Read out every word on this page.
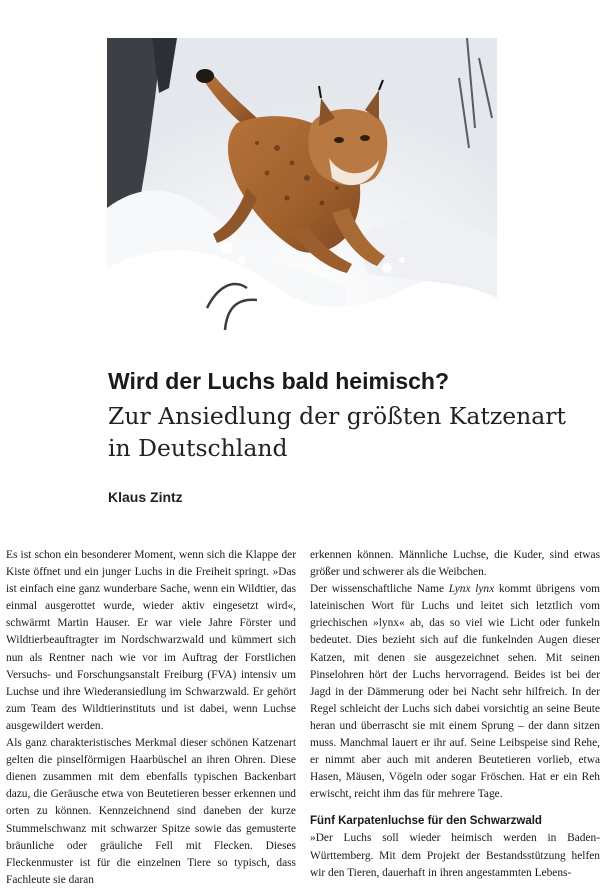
Wird der Luchs bald heimisch?
Zur Ansiedlung der größten Katzenart
in Deutschland
Klaus Zintz

Es ist schon ein besonderer Moment, wenn sich die Klappe der Kiste öffnet und ein junger Luchs in die Freiheit springt. »Das ist einfach eine ganz wunderbare Sache, wenn ein Wildtier, das einmal ausgerottet wurde, wieder aktiv eingesetzt wird«, schwärmt Martin Hauser. Er war viele Jahre Förster und Wildtierbeauftragter im Nordschwarzwald und kümmert sich nun als Rentner nach wie vor im Auftrag der Forstlichen Versuchs- und Forschungsanstalt Freiburg (FVA) intensiv um Luchse und ihre Wiederansiedlung im Schwarzwald. Er gehört zum Team des Wildtierinstituts und ist dabei, wenn Luchse ausgewildert werden.

Als ganz charakteristisches Merkmal dieser schönen Katzenart gelten die pinselförmigen Haarbüschel an ihren Ohren. Diese dienen zusammen mit dem ebenfalls typischen Backenbart dazu, die Geräusche etwa von Beutetieren besser erkennen und orten zu können. Kennzeichnend sind daneben der kurze Stummelschwanz mit schwarzer Spitze sowie das gemusterte bräunliche oder gräuliche Fell mit Flecken. Dieses Fleckenmuster ist für die einzelnen Tiere so typisch, dass Fachleute sie daran

erkennen können. Männliche Luchse, die Kuder, sind etwas größer und schwerer als die Weibchen.

Der wissenschaftliche Name Lynx lynx kommt übrigens vom lateinischen Wort für Luchs und leitet sich letztlich vom griechischen »lynx« ab, das so viel wie Licht oder funkeln bedeutet. Dies bezieht sich auf die funkelnden Augen dieser Katzen, mit denen sie ausgezeichnet sehen. Mit seinen Pinselohren hört der Luchs hervorragend. Beides ist bei der Jagd in der Dämmerung oder bei Nacht sehr hilfreich. In der Regel schleicht der Luchs sich dabei vorsichtig an seine Beute heran und überrascht sie mit einem Sprung – der dann sitzen muss. Manchmal lauert er ihr auf. Seine Leibspeise sind Rehe, er nimmt aber auch mit anderen Beutetieren vorlieb, etwa Hasen, Mäusen, Vögeln oder sogar Fröschen. Hat er ein Reh erwischt, reicht ihm das für mehrere Tage.

Fünf Karpatenluchse für den Schwarzwald

»Der Luchs soll wieder heimisch werden in Baden-Württemberg. Mit dem Projekt der Bestandsstützung helfen wir den Tieren, dauerhaft in ihren angestammten Lebens-
